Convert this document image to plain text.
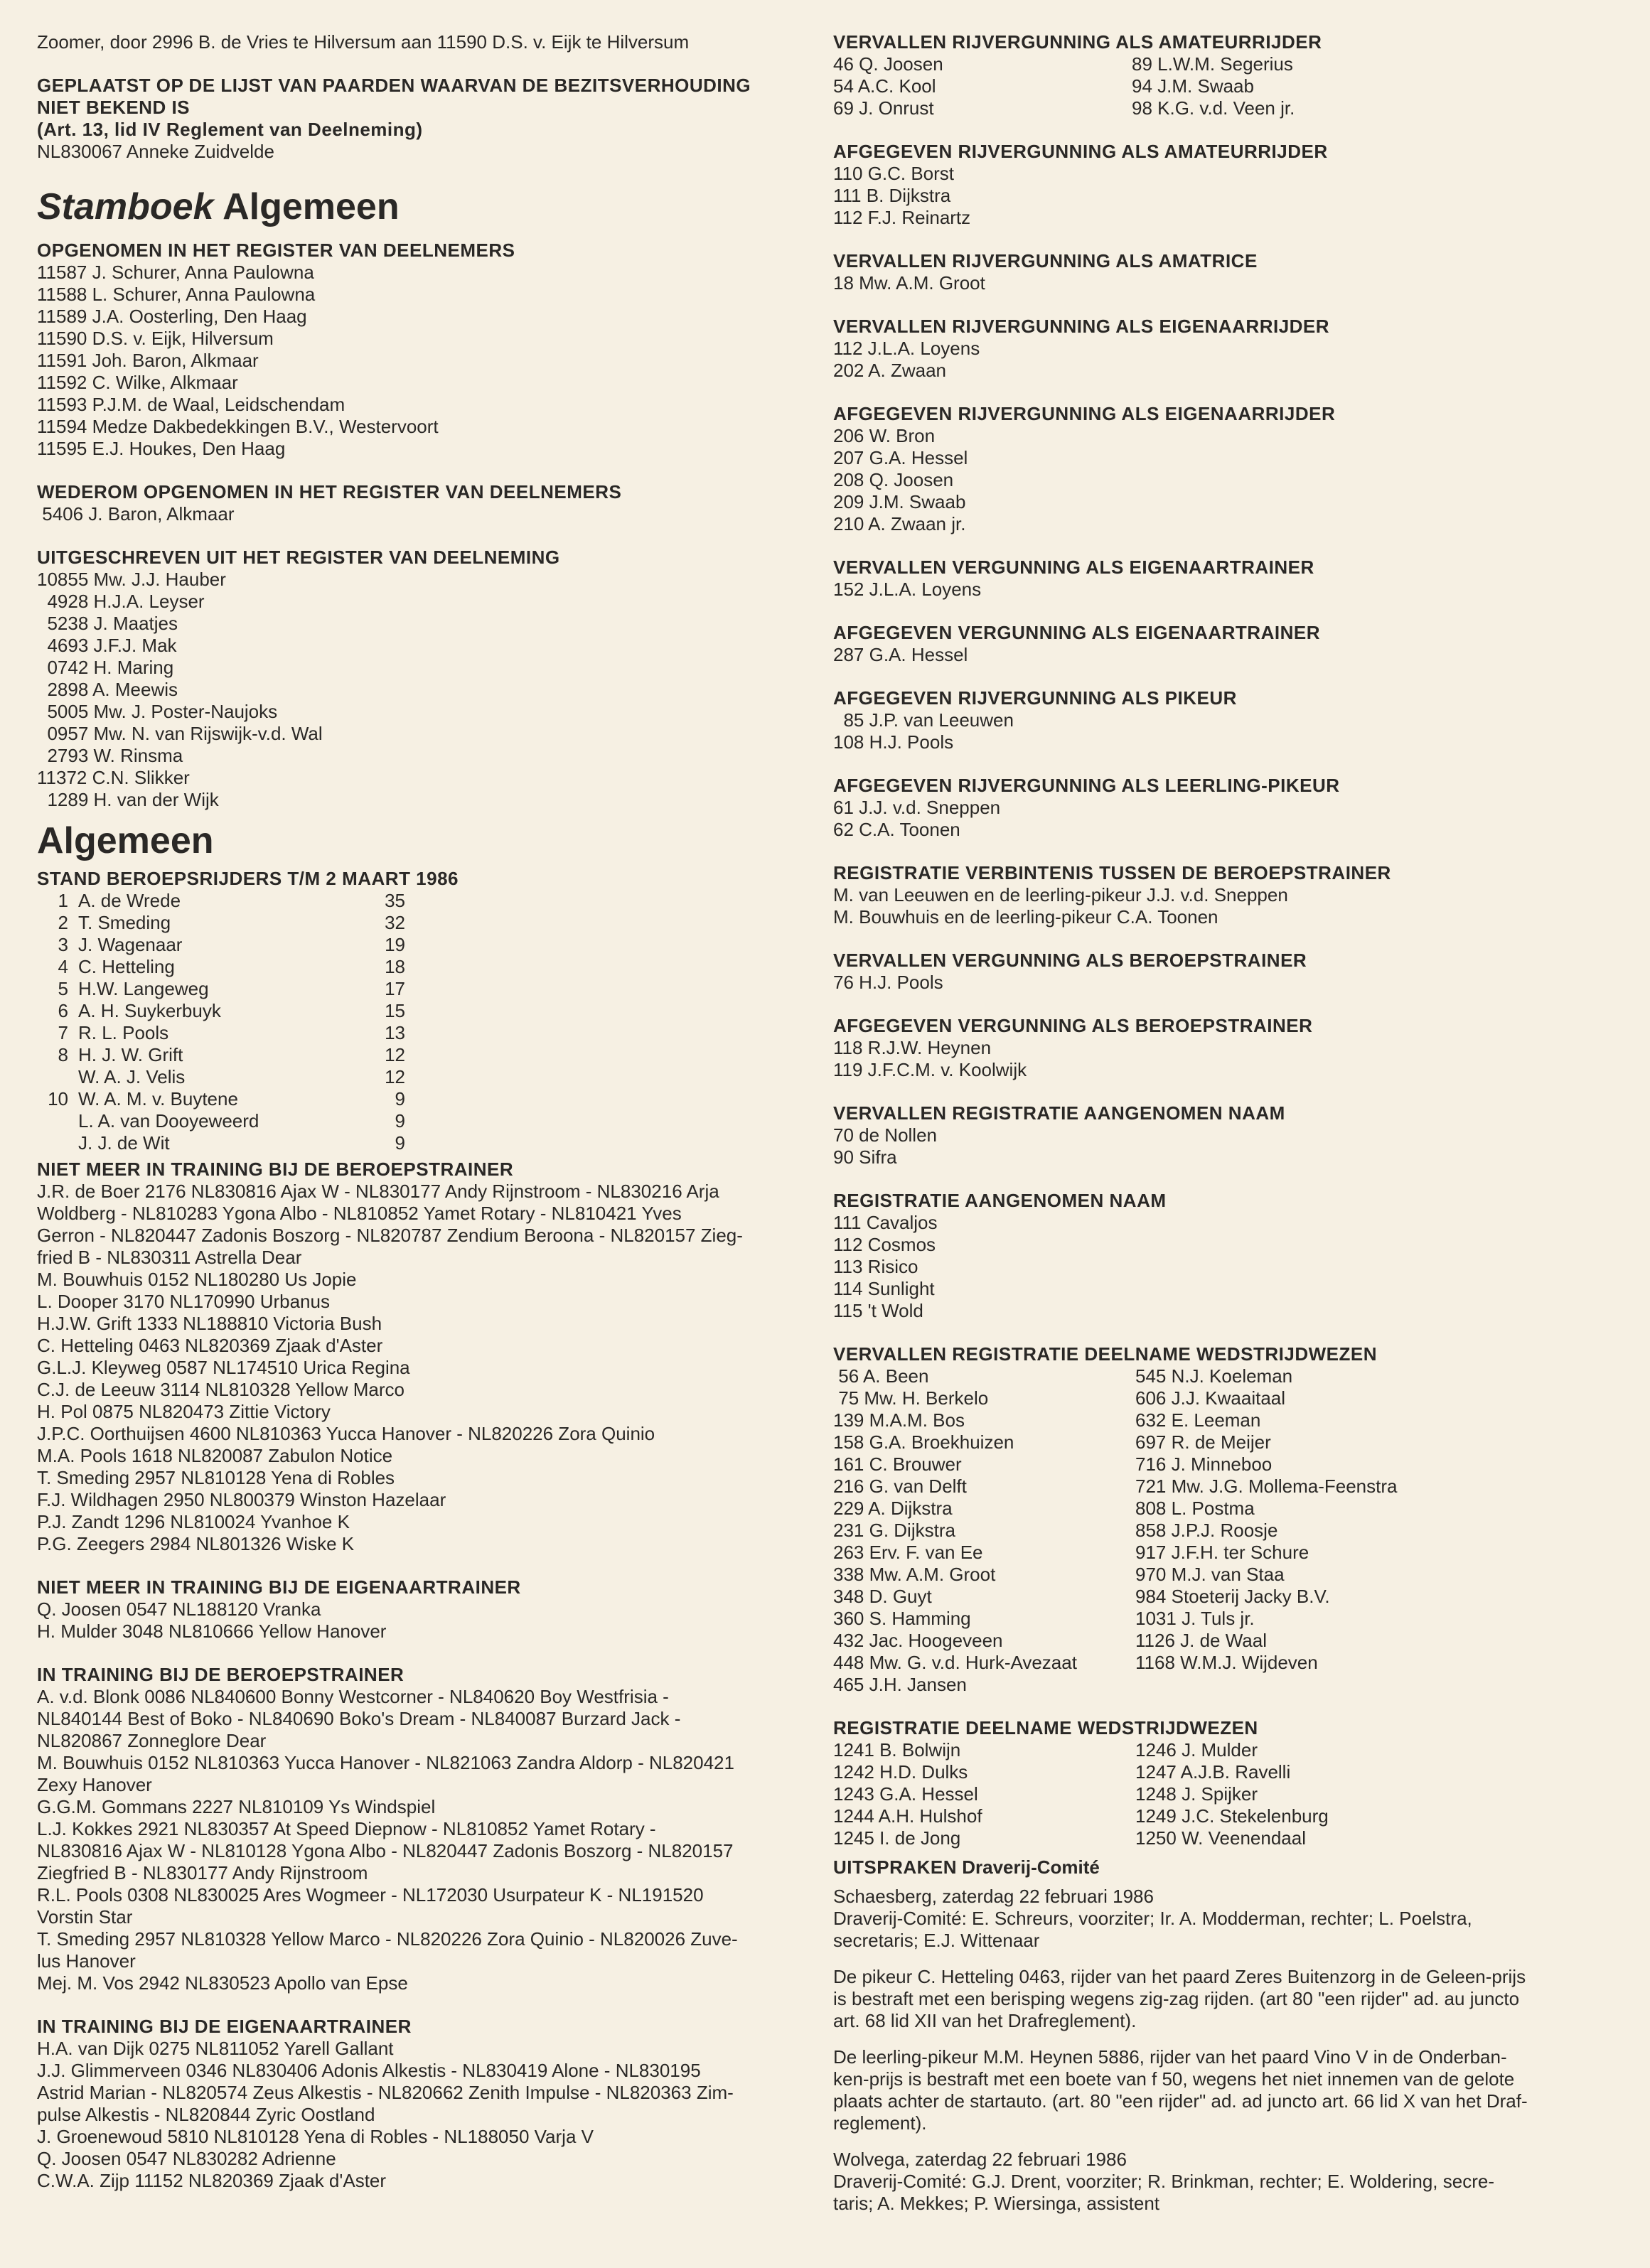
Zoomer, door 2996 B. de Vries te Hilversum aan 11590 D.S. v. Eijk te Hilversum

GEPLAATST OP DE LIJST VAN PAARDEN WAARVAN DE BEZITSVERHOUDING

NIET BEKEND IS

(Art. 13, lid IV Reglement van Deelneming)

NL830067 Anneke Zuidvelde

Stamboek Algemeen

OPGENOMEN IN HET REGISTER VAN DEELNEMERS

11587 J. Schurer, Anna Paulowna

11588 L. Schurer, Anna Paulowna

11589 J.A. Oosterling, Den Haag

11590 D.S. v. Eijk, Hilversum

11591 Joh. Baron, Alkmaar

11592 C. Wilke, Alkmaar

11593 P.J.M. de Waal, Leidschendam

11594 Medze Dakbedekkingen B.V., Westervoort

11595 E.J. Houkes, Den Haag

WEDEROM OPGENOMEN IN HET REGISTER VAN DEELNEMERS

5406 J. Baron, Alkmaar

UITGESCHREVEN UIT HET REGISTER VAN DEELNEMING

10855 Mw. J.J. Hauber

4928 H.J.A. Leyser

5238 J. Maatjes

4693 J.F.J. Mak

0742 H. Maring

2898 A. Meewis

5005 Mw. J. Poster-Naujoks

0957 Mw. N. van Rijswijk-v.d. Wal

2793 W. Rinsma

11372 C.N. Slikker

1289 H. van der Wijk

Algemeen

STAND BEROEPSRIJDERS T/M 2 MAART 1986

1 A. de Wrede	35
2 T. Smeding	32
3 J. Wagenaar	19
4 C. Hetteling	18
5 H.W. Langeweg	17
6 A. H. Suykerbuyk	15
7 R. L. Pools	13
8 H. J. W. Grift	12
W. A. J. Velis	12
10 W. A. M. v. Buytene	9
L. A. van Dooyeweerd	9
J. J. de Wit	9

NIET MEER IN TRAINING BIJ DE BEROEPSTRAINER

J.R. de Boer 2176 NL830816 Ajax W - NL830177 Andy Rijnstroom - NL830216 Arja

Woldberg - NL810283 Ygona Albo - NL810852 Yamet Rotary - NL810421 Yves

Gerron - NL820447 Zadonis Boszorg - NL820787 Zendium Beroona - NL820157 Zieg-

fried B - NL830311 Astrella Dear

M. Bouwhuis 0152 NL180280 Us Jopie

L. Dooper 3170 NL170990 Urbanus

H.J.W. Grift 1333 NL188810 Victoria Bush

C. Hetteling 0463 NL820369 Zjaak d'Aster

G.L.J. Kleyweg 0587 NL174510 Urica Regina

C.J. de Leeuw 3114 NL810328 Yellow Marco

H. Pol 0875 NL820473 Zittie Victory

J.P.C. Oorthuijsen 4600 NL810363 Yucca Hanover - NL820226 Zora Quinio

M.A. Pools 1618 NL820087 Zabulon Notice

T. Smeding 2957 NL810128 Yena di Robles

F.J. Wildhagen 2950 NL800379 Winston Hazelaar

P.J. Zandt 1296 NL810024 Yvanhoe K

P.G. Zeegers 2984 NL801326 Wiske K

NIET MEER IN TRAINING BIJ DE EIGENAARTRAINER

Q. Joosen 0547 NL188120 Vranka

H. Mulder 3048 NL810666 Yellow Hanover

IN TRAINING BIJ DE BEROEPSTRAINER

A. v.d. Blonk 0086 NL840600 Bonny Westcorner - NL840620 Boy Westfrisia -

NL840144 Best of Boko - NL840690 Boko's Dream - NL840087 Burzard Jack -

NL820867 Zonneglore Dear

M. Bouwhuis 0152 NL810363 Yucca Hanover - NL821063 Zandra Aldorp - NL820421

Zexy Hanover

G.G.M. Gommans 2227 NL810109 Ys Windspiel

L.J. Kokkes 2921 NL830357 At Speed Diepnow - NL810852 Yamet Rotary -

NL830816 Ajax W - NL810128 Ygona Albo - NL820447 Zadonis Boszorg - NL820157

Ziegfried B - NL830177 Andy Rijnstroom

R.L. Pools 0308 NL830025 Ares Wogmeer - NL172030 Usurpateur K - NL191520

Vorstin Star

T. Smeding 2957 NL810328 Yellow Marco - NL820226 Zora Quinio - NL820026 Zuve-

lus Hanover

Mej. M. Vos 2942 NL830523 Apollo van Epse

IN TRAINING BIJ DE EIGENAARTRAINER

H.A. van Dijk 0275 NL811052 Yarell Gallant

J.J. Glimmerveen 0346 NL830406 Adonis Alkestis - NL830419 Alone - NL830195

Astrid Marian - NL820574 Zeus Alkestis - NL820662 Zenith Impulse - NL820363 Zim-

pulse Alkestis - NL820844 Zyric Oostland

J. Groenewoud 5810 NL810128 Yena di Robles - NL188050 Varja V

Q. Joosen 0547 NL830282 Adrienne

C.W.A. Zijp 11152 NL820369 Zjaak d'Aster

VERVALLEN RIJVERGUNNING ALS AMATEURRIJDER

46 Q. Joosen	89 L.W.M. Segerius
54 A.C. Kool	94 J.M. Swaab
69 J. Onrust	98 K.G. v.d. Veen jr.

AFGEGEVEN RIJVERGUNNING ALS AMATEURRIJDER

110 G.C. Borst

111 B. Dijkstra

112 F.J. Reinartz

VERVALLEN RIJVERGUNNING ALS AMATRICE

18 Mw. A.M. Groot

VERVALLEN RIJVERGUNNING ALS EIGENAARRIJDER

112 J.L.A. Loyens

202 A. Zwaan

AFGEGEVEN RIJVERGUNNING ALS EIGENAARRIJDER

206 W. Bron

207 G.A. Hessel

208 Q. Joosen

209 J.M. Swaab

210 A. Zwaan jr.

VERVALLEN VERGUNNING ALS EIGENAARTRAINER

152 J.L.A. Loyens

AFGEGEVEN VERGUNNING ALS EIGENAARTRAINER

287 G.A. Hessel

AFGEGEVEN RIJVERGUNNING ALS PIKEUR

85 J.P. van Leeuwen

108 H.J. Pools

AFGEGEVEN RIJVERGUNNING ALS LEERLING-PIKEUR

61 J.J. v.d. Sneppen

62 C.A. Toonen

REGISTRATIE VERBINTENIS TUSSEN DE BEROEPSTRAINER

M. van Leeuwen en de leerling-pikeur J.J. v.d. Sneppen

M. Bouwhuis en de leerling-pikeur C.A. Toonen

VERVALLEN VERGUNNING ALS BEROEPSTRAINER

76 H.J. Pools

AFGEGEVEN VERGUNNING ALS BEROEPSTRAINER

118 R.J.W. Heynen

119 J.F.C.M. v. Koolwijk

VERVALLEN REGISTRATIE AANGENOMEN NAAM

70 de Nollen

90 Sifra

REGISTRATIE AANGENOMEN NAAM

111 Cavaljos

112 Cosmos

113 Risico

114 Sunlight

115 't Wold

VERVALLEN REGISTRATIE DEELNAME WEDSTRIJDWEZEN

56 A. Been	545 N.J. Koeleman
75 Mw. H. Berkelo	606 J.J. Kwaaitaal
139 M.A.M. Bos	632 E. Leeman
158 G.A. Broekhuizen	697 R. de Meijer
161 C. Brouwer	716 J. Minneboo
216 G. van Delft	721 Mw. J.G. Mollema-Feenstra
229 A. Dijkstra	808 L. Postma
231 G. Dijkstra	858 J.P.J. Roosje
263 Erv. F. van Ee	917 J.F.H. ter Schure
338 Mw. A.M. Groot	970 M.J. van Staa
348 D. Guyt	984 Stoeterij Jacky B.V.
360 S. Hamming	1031 J. Tuls jr.
432 Jac. Hoogeveen	1126 J. de Waal
448 Mw. G. v.d. Hurk-Avezaat	1168 W.M.J. Wijdeven
465 J.H. Jansen

REGISTRATIE DEELNAME WEDSTRIJDWEZEN

1241 B. Bolwijn	1246 J. Mulder
1242 H.D. Dulks	1247 A.J.B. Ravelli
1243 G.A. Hessel	1248 J. Spijker
1244 A.H. Hulshof	1249 J.C. Stekelenburg
1245 I. de Jong	1250 W. Veenendaal

UITSPRAKEN Draverij-Comité

Schaesberg, zaterdag 22 februari 1986
Draverij-Comité: E. Schreurs, voorziter; Ir. A. Modderman, rechter; L. Poelstra,
secretaris; E.J. Wittenaar

De pikeur C. Hetteling 0463, rijder van het paard Zeres Buitenzorg in de Geleen-prijs
is bestraft met een berisping wegens zig-zag rijden. (art 80 "een rijder" ad. au juncto
art. 68 lid XII van het Drafreglement).

De leerling-pikeur M.M. Heynen 5886, rijder van het paard Vino V in de Onderban-
ken-prijs is bestraft met een boete van f 50, wegens het niet innemen van de gelote
plaats achter de startauto. (art. 80 "een rijder" ad. ad juncto art. 66 lid X van het Draf-
reglement).

Wolvega, zaterdag 22 februari 1986
Draverij-Comité: G.J. Drent, voorziter; R. Brinkman, rechter; E. Woldering, secre-
taris; A. Mekkes; P. Wiersinga, assistent
